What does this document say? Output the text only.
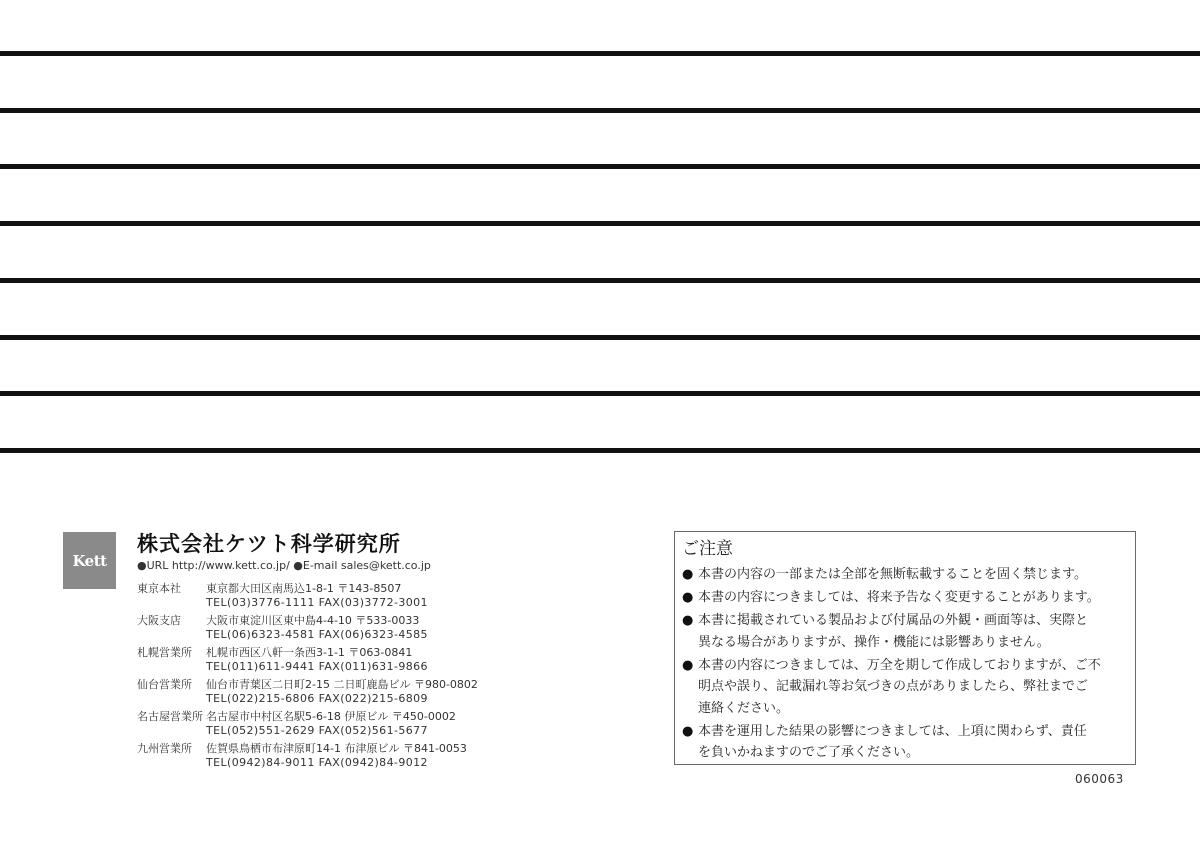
Kett
株式会社ケツト科学研究所
●URL http://www.kett.co.jp/ ●E-mail sales@kett.co.jp
東京本社 東京都大田区南馬込1-8-1 〒143-8507
TEL(03)3776-1111 FAX(03)3772-3001
大阪支店 大阪市東淀川区東中島4-4-10 〒533-0033
TEL(06)6323-4581 FAX(06)6323-4585
札幌営業所 札幌市西区八軒一条西3-1-1 〒063-0841
TEL(011)611-9441 FAX(011)631-9866
仙台営業所 仙台市青葉区二日町2-15 二日町鹿島ビル 〒980-0802
TEL(022)215-6806 FAX(022)215-6809
名古屋営業所 名古屋市中村区名駅5-6-18 伊原ビル 〒450-0002
TEL(052)551-2629 FAX(052)561-5677
九州営業所 佐賀県鳥栖市布津原町14-1 布津原ビル 〒841-0053
TEL(0942)84-9011 FAX(0942)84-9012
ご注意
● 本書の内容の一部または全部を無断転載することを固く禁じます。
● 本書の内容につきましては、将来予告なく変更することがあります。
● 本書に掲載されている製品および付属品の外観・画面等は、実際と
異なる場合がありますが、操作・機能には影響ありません。
● 本書の内容につきましては、万全を期して作成しておりますが、ご不
明点や誤り、記載漏れ等お気づきの点がありましたら、弊社までご
連絡ください。
● 本書を運用した結果の影響につきましては、上項に関わらず、責任
を負いかねますのでご了承ください。
060063
